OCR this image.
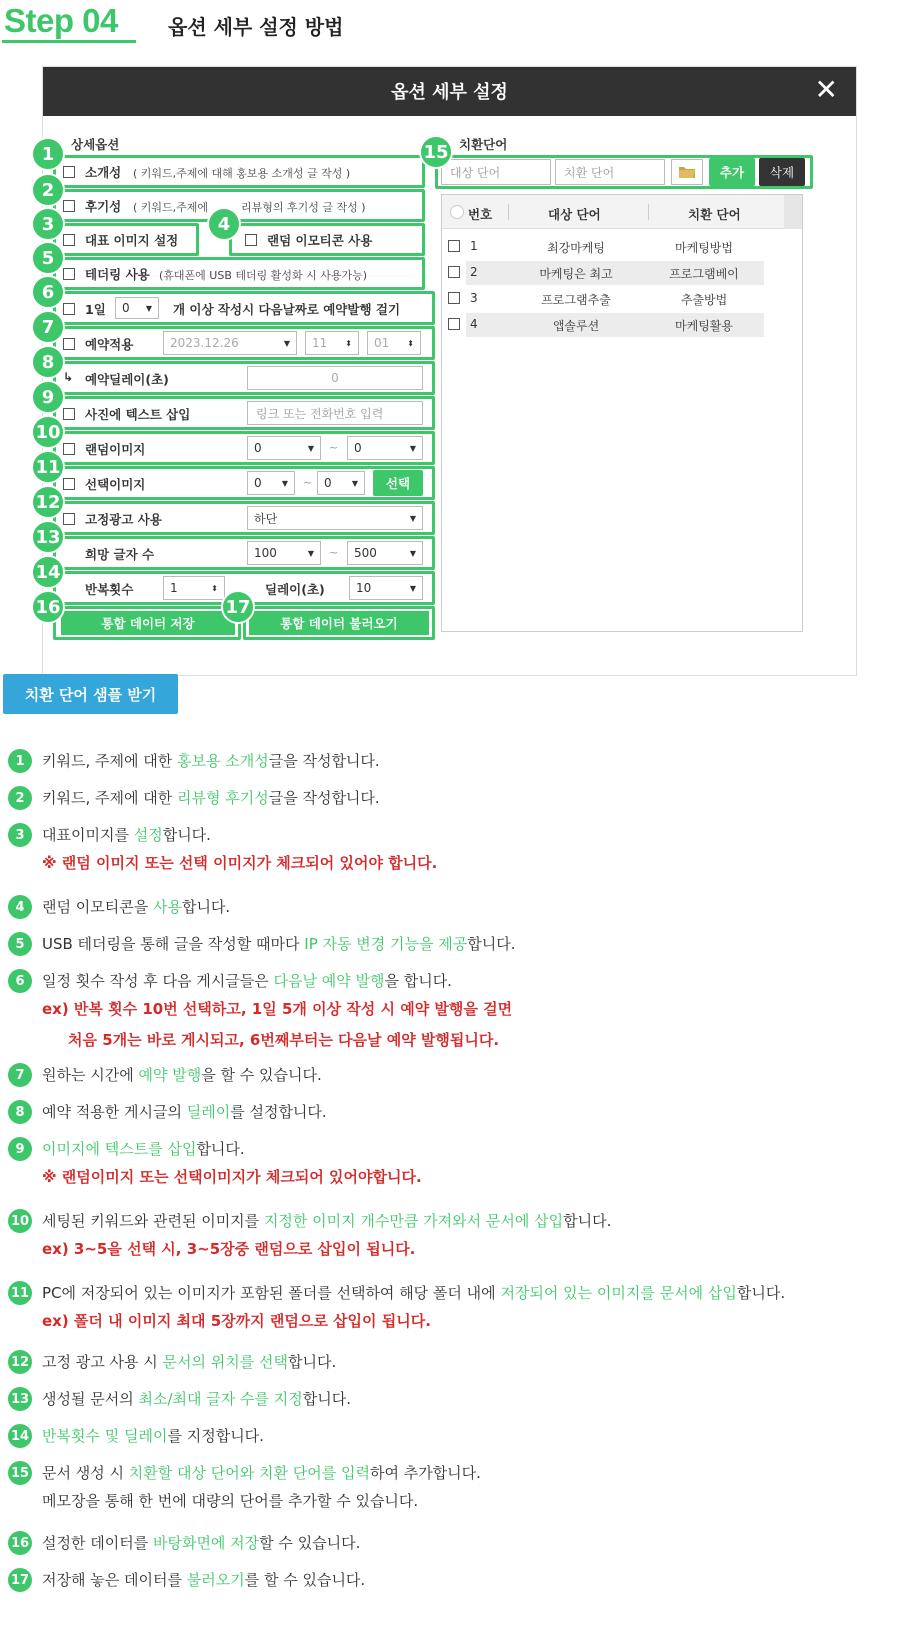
Step 04	옵션 세부 설정 방법
옵션 세부 설정	✕
상세옵션
소개성 ( 키워드,주제에 대해 홍보용 소개성 글 작성 )
후기성 ( 키워드,주제에	리뷰형의 후기성 글 작성 )
대표 이미지 설정	랜덤 이모티콘 사용
테더링 사용 (휴대폰에 USB 테더링 활성화 시 사용가능)
1일 0 ▼ 개 이상 작성시 다음날짜로 예약발행 걸기
예약적용	2023.12.26	▼ 11 ⬍ 01 ⬍
↳ 예약딜레이(초)	0
사진에 텍스트 삽입	링크 또는 전화번호 입력
랜덤이미지	0	▼ ~ 0	▼
선택이미지	0	▼ ~ 0	▼	선택
고정광고 사용	하단	▼
희망 글자 수	100	▼ ~ 500	▼
반복횟수	1	⬍	딜레이(초)	10	▼
통합 데이터 저장	통합 데이터 불러오기
치환단어
대상 단어	치환 단어	추가	삭제
번호	대상 단어	치환 단어
1	최강마케팅	마케팅방법
2	마케팅은 최고	프로그램베이
3	프로그램추출	추출방법
4	앱솔루션	마케팅활용
1
2
3	4
5
6
7
8
9
10
11
12
13
14
15
16	17
치환 단어 샘플 받기
1	키워드, 주제에 대한 홍보용 소개성글을 작성합니다.
2	키워드, 주제에 대한 리뷰형 후기성글을 작성합니다.
3	대표이미지를 설정합니다.
※ 랜덤 이미지 또는 선택 이미지가 체크되어 있어야 합니다.
4	랜덤 이모티콘을 사용합니다.
5	USB 테더링을 통해 글을 작성할 때마다 IP 자동 변경 기능을 제공합니다.
6	일정 횟수 작성 후 다음 게시글들은 다음날 예약 발행을 합니다.
ex) 반복 횟수 10번 선택하고, 1일 5개 이상 작성 시 예약 발행을 걸면
처음 5개는 바로 게시되고, 6번째부터는 다음날 예약 발행됩니다.
7	원하는 시간에 예약 발행을 할 수 있습니다.
8	예약 적용한 게시글의 딜레이를 설정합니다.
9	이미지에 텍스트를 삽입합니다.
※ 랜덤이미지 또는 선택이미지가 체크되어 있어야합니다.
10 세팅된 키워드와 관련된 이미지를 지정한 이미지 개수만큼 가져와서 문서에 삽입합니다.
ex) 3~5을 선택 시, 3~5장중 랜덤으로 삽입이 됩니다.
11 PC에 저장되어 있는 이미지가 포함된 폴더를 선택하여 해당 폴더 내에 저장되어 있는 이미지를 문서에 삽입합니다.
ex) 폴더 내 이미지 최대 5장까지 랜덤으로 삽입이 됩니다.
12 고정 광고 사용 시 문서의 위치를 선택합니다.
13 생성될 문서의 최소/최대 글자 수를 지정합니다.
14 반복횟수 및 딜레이를 지정합니다.
15 문서 생성 시 치환할 대상 단어와 치환 단어를 입력하여 추가합니다.
메모장을 통해 한 번에 대량의 단어를 추가할 수 있습니다.
16 설정한 데이터를 바탕화면에 저장할 수 있습니다.
17 저장해 놓은 데이터를 불러오기를 할 수 있습니다.
